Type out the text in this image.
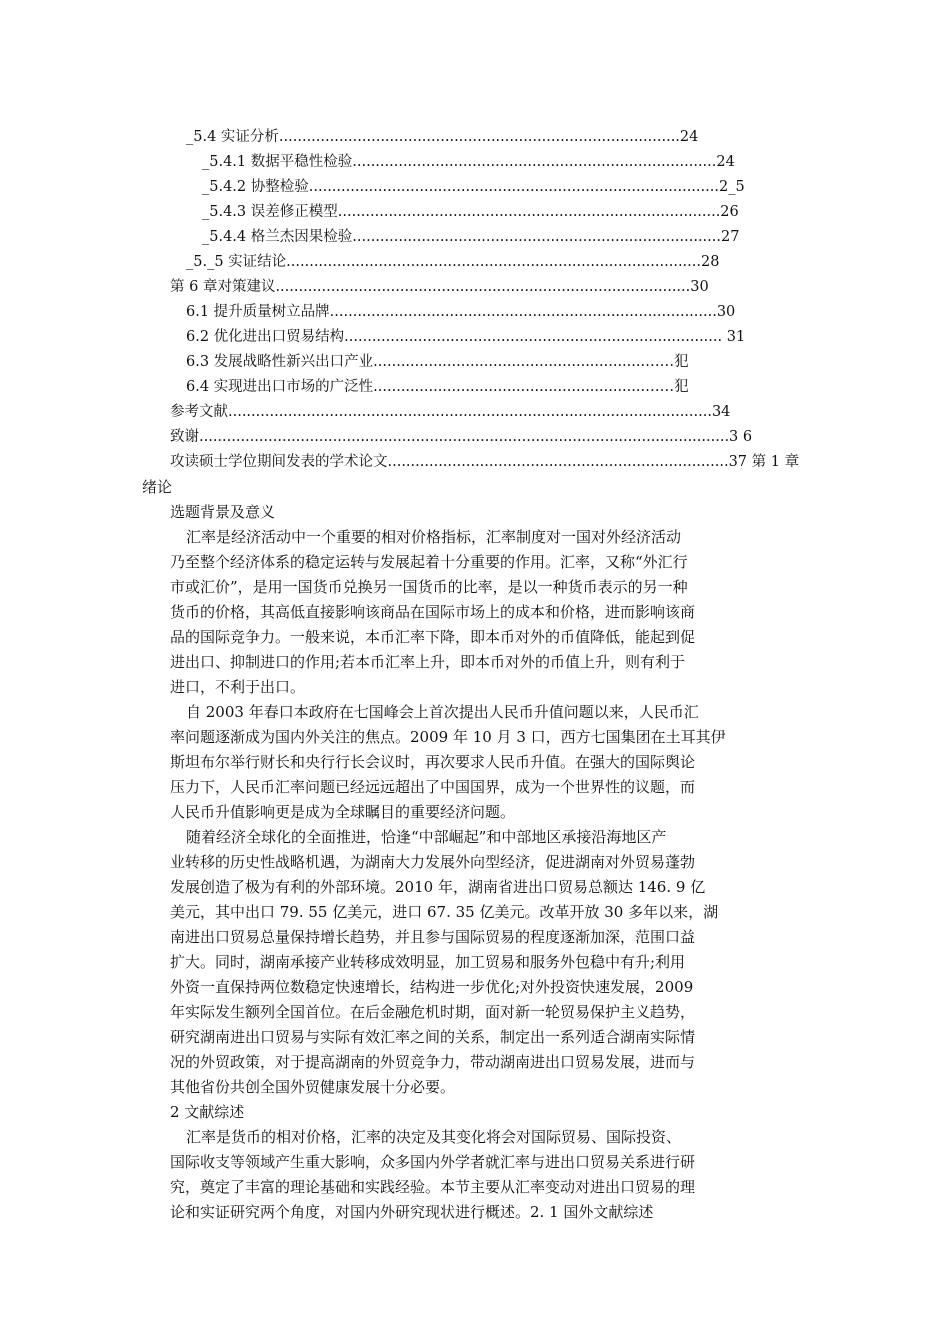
_5.4 实证分析.......................................................................................24
_5.4.1 数据平稳性检验...............................................................................24
_5.4.2 协整检验.........................................................................................2_5
_5.4.3 误差修正模型...................................................................................26
_5.4.4 格兰杰因果检验................................................................................27
_5._5 实证结论..........................................................................................28
第 6 章对策建议..........................................................................................30
6.1 提升质量树立品牌....................................................................................30
6.2 优化进出口贸易结构.................................................................................. 31
6.3 发展战略性新兴出口产业...........................................................……犯
6.4 实现进出口市场的广泛性...........................................................……犯
参考文献.........................................................................................................34
致谢...................................................................................................................3 6
攻读硕士学位期间发表的学术论文..........................................................................37 第 1 章
绪论
选题背景及意义
汇率是经济活动中一个重要的相对价格指标，汇率制度对一国对外经济活动
乃至整个经济体系的稳定运转与发展起着十分重要的作用。汇率，又称“外汇行
市或汇价”，是用一国货币兑换另一国货币的比率，是以一种货币表示的另一种
货币的价格，其高低直接影响该商品在国际市场上的成本和价格，进而影响该商
品的国际竞争力。一般来说，本币汇率下降，即本币对外的币值降低，能起到促
进出口、抑制进口的作用;若本币汇率上升，即本币对外的币值上升，则有利于
进口，不利于出口。
自 2003 年春口本政府在七国峰会上首次提出人民币升值问题以来，人民币汇
率问题逐渐成为国内外关注的焦点。2009 年 10 月 3 口，西方七国集团在土耳其伊
斯坦布尔举行财长和央行行长会议时，再次要求人民币升值。在强大的国际舆论
压力下，人民币汇率问题已经远远超出了中国国界，成为一个世界性的议题，而
人民币升值影响更是成为全球瞩目的重要经济问题。
随着经济全球化的全面推进，恰逢“中部崛起”和中部地区承接沿海地区产
业转移的历史性战略机遇，为湖南大力发展外向型经济，促进湖南对外贸易蓬勃
发展创造了极为有利的外部环境。2010 年，湖南省进出口贸易总额达 146. 9 亿
美元，其中出口 79. 55 亿美元，进口 67. 35 亿美元。改革开放 30 多年以来，湖
南进出口贸易总量保持增长趋势，并且参与国际贸易的程度逐渐加深，范围口益
扩大。同时，湖南承接产业转移成效明显，加工贸易和服务外包稳中有升;利用
外资一直保持两位数稳定快速增长，结构进一步优化;对外投资快速发展，2009
年实际发生额列全国首位。在后金融危机时期，面对新一轮贸易保护主义趋势，
研究湖南进出口贸易与实际有效汇率之间的关系，制定出一系列适合湖南实际情
况的外贸政策，对于提高湖南的外贸竞争力，带动湖南进出口贸易发展，进而与
其他省份共创全国外贸健康发展十分必要。
2 文献综述
汇率是货币的相对价格，汇率的决定及其变化将会对国际贸易、国际投资、
国际收支等领域产生重大影响，众多国内外学者就汇率与进出口贸易关系进行研
究，奠定了丰富的理论基础和实践经验。本节主要从汇率变动对进出口贸易的理
论和实证研究两个角度，对国内外研究现状进行概述。2. 1 国外文献综述
